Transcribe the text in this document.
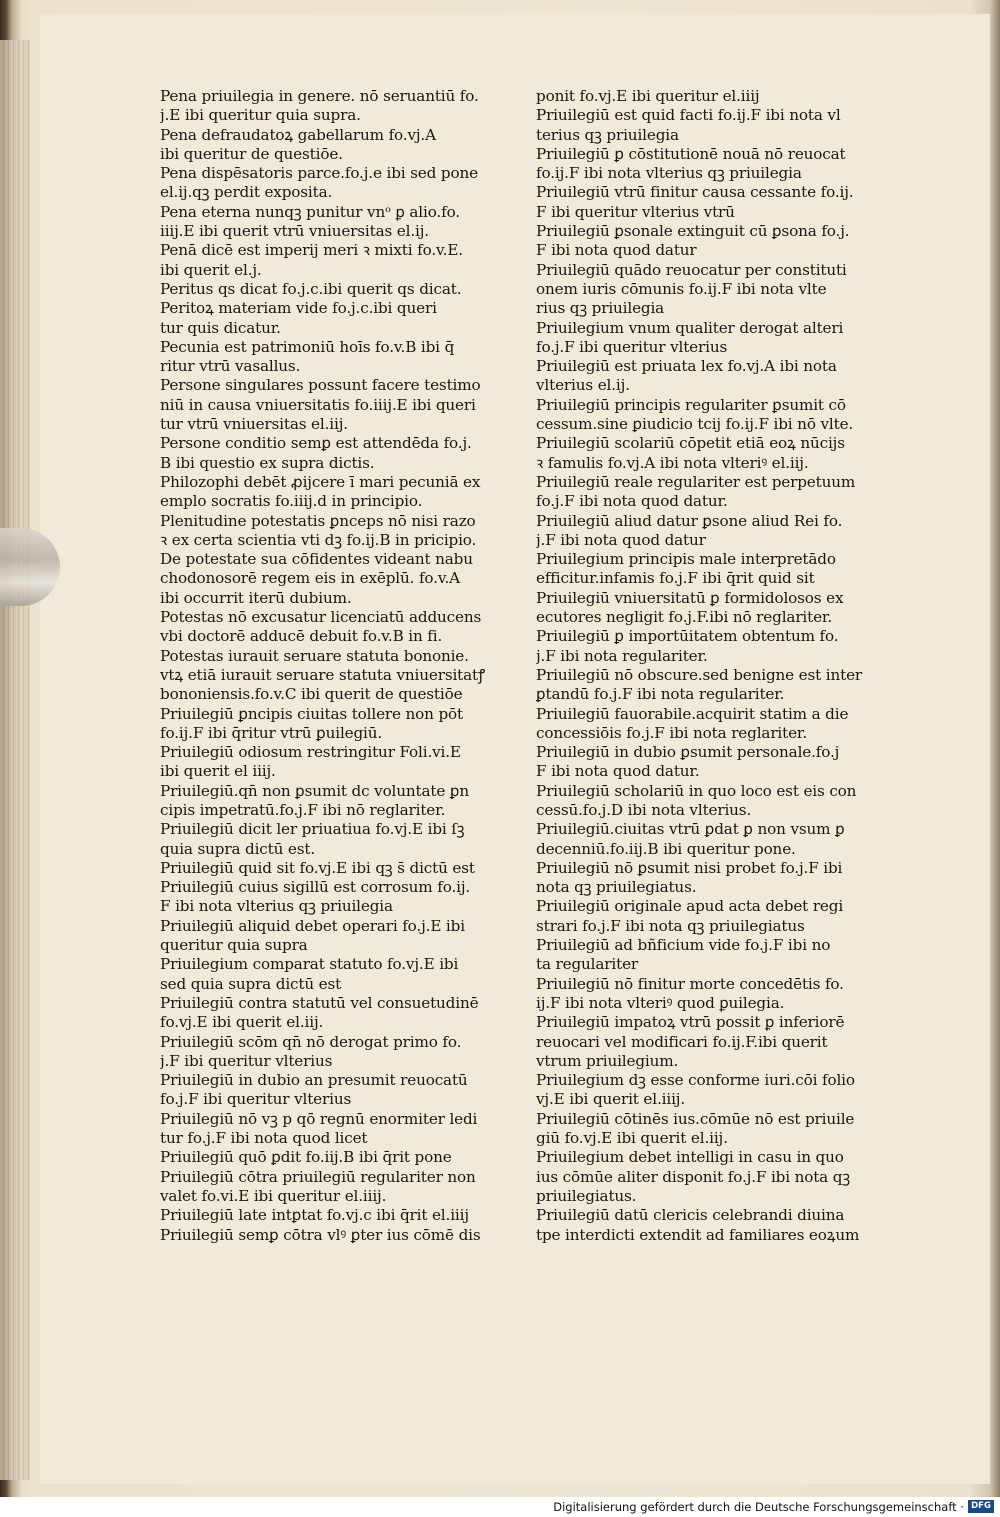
Pena priuilegia in genere. nō seruantiū fo.
j.E ibi queritur quia supra.
Pena defraudatoꝝ gabellarum fo.vj.A
ibi queritur de questiōe.
Pena dispēsatoris parce.fo.j.e ibi sed pone
el.ij.qꝫ perdit exposita.
Pena eterna nunqꝫ punitur vnᵒ ꝑ alio.fo.
iiij.E ibi querit vtrū vniuersitas el.ij.
Penā dicē est imperij meri ꝛ mixti fo.v.E.
ibi querit el.j.
Peritus qs dicat fo.j.c.ibi querit qs dicat.
Peritoꝝ materiam vide fo.j.c.ibi queri
tur quis dicatur.
Pecunia est patrimoniū hoīs fo.v.B ibi q̄
ritur vtrū vasallus.
Persone singulares possunt facere testimo
niū in causa vniuersitatis fo.iiij.E ibi queri
tur vtrū vniuersitas el.iij.
Persone conditio semꝑ est attendēda fo.j.
B ibi questio ex supra dictis.
Philozophi debēt ꝓijcere ī mari pecuniā ex
emplo socratis fo.iiij.d in principio.
Plenitudine potestatis ꝑnceps nō nisi razo
ꝛ ex certa scientia vti dꝫ fo.ij.B in pricipio.
De potestate sua cōfidentes videant nabu
chodonosorē regem eis in exēplū. fo.v.A
ibi occurrit iterū dubium.
Potestas nō excusatur licenciatū adducens
vbi doctorē adducē debuit fo.v.B in fi.
Potestas iurauit seruare statuta bononie.
vtꝝ etiā iurauit seruare statuta vniuersitatꝭ
bononiensis.fo.v.C ibi querit de questiōe
Priuilegiū ꝑncipis ciuitas tollere non pōt
fo.ij.F ibi q̄ritur vtrū ꝑuilegiū.
Priuilegiū odiosum restringitur Foli.vi.E
ibi querit el iiij.
Priuilegiū.qn̄ non ꝑsumit dc voluntate ꝑn
cipis impetratū.fo.j.F ibi nō reglariter.
Priuilegiū dicit ler priuatiua fo.vj.E ibi ſꝫ
quia supra dictū est.
Priuilegiū quid sit fo.vj.E ibi qꝫ s̄ dictū est
Priuilegiū cuius sigillū est corrosum fo.ij.
F ibi nota vlterius qꝫ priuilegia
Priuilegiū aliquid debet operari fo.j.E ibi
queritur quia supra
Priuilegium comparat statuto fo.vj.E ibi
sed quia supra dictū est
Priuilegiū contra statutū vel consuetudinē
fo.vj.E ibi querit el.iij.
Priuilegiū scōm qn̄ nō derogat primo fo.
j.F ibi queritur vlterius
Priuilegiū in dubio an presumit reuocatū
fo.j.F ibi queritur vlterius
Priuilegiū nō vꝫ p qō regnū enormiter ledi
tur fo.j.F ibi nota quod licet
Priuilegiū quō ꝑdit fo.iij.B ibi q̄rit pone
Priuilegiū cōtra priuilegiū regulariter non
valet fo.vi.E ibi queritur el.iiij.
Priuilegiū late intꝑtat fo.vj.c ibi q̄rit el.iiij
Priuilegiū semꝑ cōtra vlꝰ ꝑter ius cōmē dis
ponit fo.vj.E ibi queritur el.iiij
Priuilegiū est quid facti fo.ij.F ibi nota vl
terius qꝫ priuilegia
Priuilegiū ꝑ cōstitutionē nouā nō reuocat
fo.ij.F ibi nota vlterius qꝫ priuilegia
Priuilegiū vtrū finitur causa cessante fo.ij.
F ibi queritur vlterius vtrū
Priuilegiū ꝑsonale extinguit cū ꝑsona fo.j.
F ibi nota quod datur
Priuilegiū quādo reuocatur per constituti
onem iuris cōmunis fo.ij.F ibi nota vlte
rius qꝫ priuilegia
Priuilegium vnum qualiter derogat alteri
fo.j.F ibi queritur vlterius
Priuilegiū est priuata lex fo.vj.A ibi nota
vlterius el.ij.
Priuilegiū principis regulariter ꝑsumit cō
cessum.sine ꝑiudicio tcij fo.ij.F ibi nō vlte.
Priuilegiū scolariū cōpetit etiā eoꝝ nūcijs
ꝛ famulis fo.vj.A ibi nota vlteriꝰ el.iij.
Priuilegiū reale regulariter est perpetuum
fo.j.F ibi nota quod datur.
Priuilegiū aliud datur ꝑsone aliud Rei fo.
j.F ibi nota quod datur
Priuilegium principis male interpretādo
efficitur.infamis fo.j.F ibi q̄rit quid sit
Priuilegiū vniuersitatū ꝑ formidolosos ex
ecutores negligit fo.j.F.ibi nō reglariter.
Priuilegiū ꝑ importūitatem obtentum fo.
j.F ibi nota regulariter.
Priuilegiū nō obscure.sed benigne est inter
ꝑtandū fo.j.F ibi nota regulariter.
Priuilegiū fauorabile.acquirit statim a die
concessiōis fo.j.F ibi nota reglariter.
Priuilegiū in dubio ꝑsumit personale.fo.j
F ibi nota quod datur.
Priuilegiū scholariū in quo loco est eis con
cessū.fo.j.D ibi nota vlterius.
Priuilegiū.ciuitas vtrū ꝑdat ꝑ non vsum ꝑ
decenniū.fo.iij.B ibi queritur pone.
Priuilegiū nō ꝑsumit nisi probet fo.j.F ibi
nota qꝫ priuilegiatus.
Priuilegiū originale apud acta debet regi
strari fo.j.F ibi nota qꝫ priuilegiatus
Priuilegiū ad bñficium vide fo.j.F ibi no
ta regulariter
Priuilegiū nō finitur morte concedētis fo.
ij.F ibi nota vlteriꝰ quod ꝑuilegia.
Priuilegiū impatoꝝ vtrū possit ꝑ inferiorē
reuocari vel modificari fo.ij.F.ibi querit
vtrum priuilegium.
Priuilegium dꝫ esse conforme iuri.cōi folio
vj.E ibi querit el.iiij.
Priuilegiū cōtinēs ius.cōmūe nō est priuile
giū fo.vj.E ibi querit el.iij.
Priuilegium debet intelligi in casu in quo
ius cōmūe aliter disponit fo.j.F ibi nota qꝫ
priuilegiatus.
Priuilegiū datū clericis celebrandi diuina
tpe interdicti extendit ad familiares eoꝝum
Digitalisierung gefördert durch die Deutsche Forschungsgemeinschaft · DFG
